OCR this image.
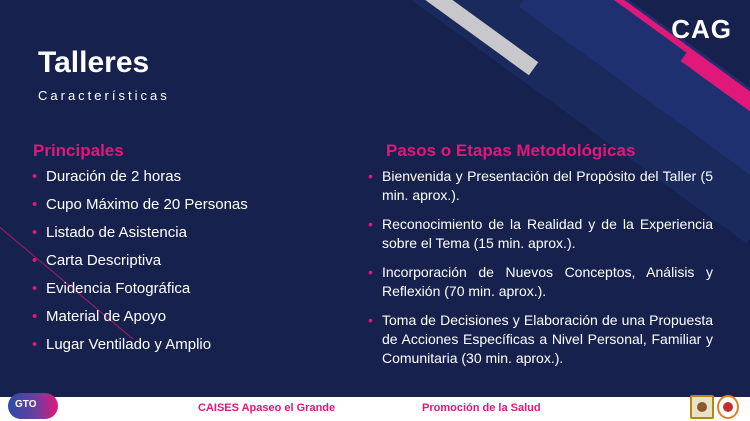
CAG
Talleres
Características
Principales
• Duración de 2 horas
• Cupo Máximo de 20 Personas
• Listado de Asistencia
• Carta Descriptiva
• Evidencia Fotográfica
• Material de Apoyo
• Lugar Ventilado y Amplio
Pasos o Etapas Metodológicas
• Bienvenida y Presentación del Propósito del Taller (5 min. aprox.).
• Reconocimiento de la Realidad y de la Experiencia sobre el Tema (15 min. aprox.).
• Incorporación de Nuevos Conceptos, Análisis y Reflexión (70 min. aprox.).
• Toma de Decisiones y Elaboración de una Propuesta de Acciones Específicas a Nivel Personal, Familiar y Comunitaria (30 min. aprox.).
GTO	CAISES Apaseo el Grande	Promoción de la Salud
